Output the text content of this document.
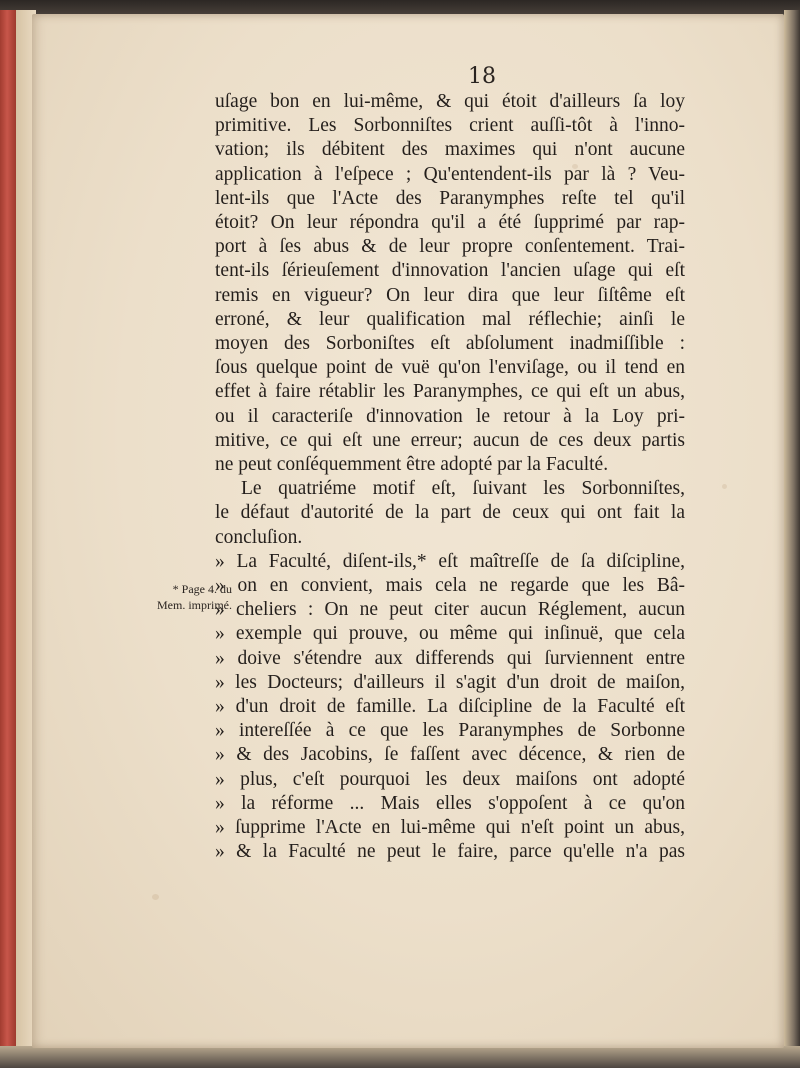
18
* Page 4. du
Mem. imprimé.
uſage bon en lui-même, & qui étoit d'ailleurs ſa loy
primitive. Les Sorbonniſtes crient auſſi-tôt à l'inno-
vation; ils débitent des maximes qui n'ont aucune
application à l'eſpece ; Qu'entendent-ils par là ? Veu-
lent-ils que l'Acte des Paranymphes reſte tel qu'il
étoit? On leur répondra qu'il a été ſupprimé par rap-
port à ſes abus & de leur propre conſentement. Trai-
tent-ils ſérieuſement d'innovation l'ancien uſage qui eſt
remis en vigueur? On leur dira que leur ſiſtême eſt
erroné, & leur qualification mal réflechie; ainſi le
moyen des Sorboniſtes eſt abſolument inadmiſſible :
ſous quelque point de vuë qu'on l'enviſage, ou il tend en
effet à faire rétablir les Paranymphes, ce qui eſt un abus,
ou il caracteriſe d'innovation le retour à la Loy pri-
mitive, ce qui eſt une erreur; aucun de ces deux partis
ne peut conſéquemment être adopté par la Faculté.
Le quatriéme motif eſt, ſuivant les Sorbonniſtes,
le défaut d'autorité de la part de ceux qui ont fait la
concluſion.
» La Faculté, diſent-ils,* eſt maîtreſſe de ſa diſcipline,
» on en convient, mais cela ne regarde que les Bâ-
» cheliers : On ne peut citer aucun Réglement, aucun
» exemple qui prouve, ou même qui inſinuë, que cela
» doive s'étendre aux differends qui ſurviennent entre
» les Docteurs; d'ailleurs il s'agit d'un droit de maiſon,
» d'un droit de famille. La diſcipline de la Faculté eſt
» intereſſée à ce que les Paranymphes de Sorbonne
» & des Jacobins, ſe faſſent avec décence, & rien de
» plus, c'eſt pourquoi les deux maiſons ont adopté
» la réforme ... Mais elles s'oppoſent à ce qu'on
» ſupprime l'Acte en lui-même qui n'eſt point un abus,
» & la Faculté ne peut le faire, parce qu'elle n'a pas
